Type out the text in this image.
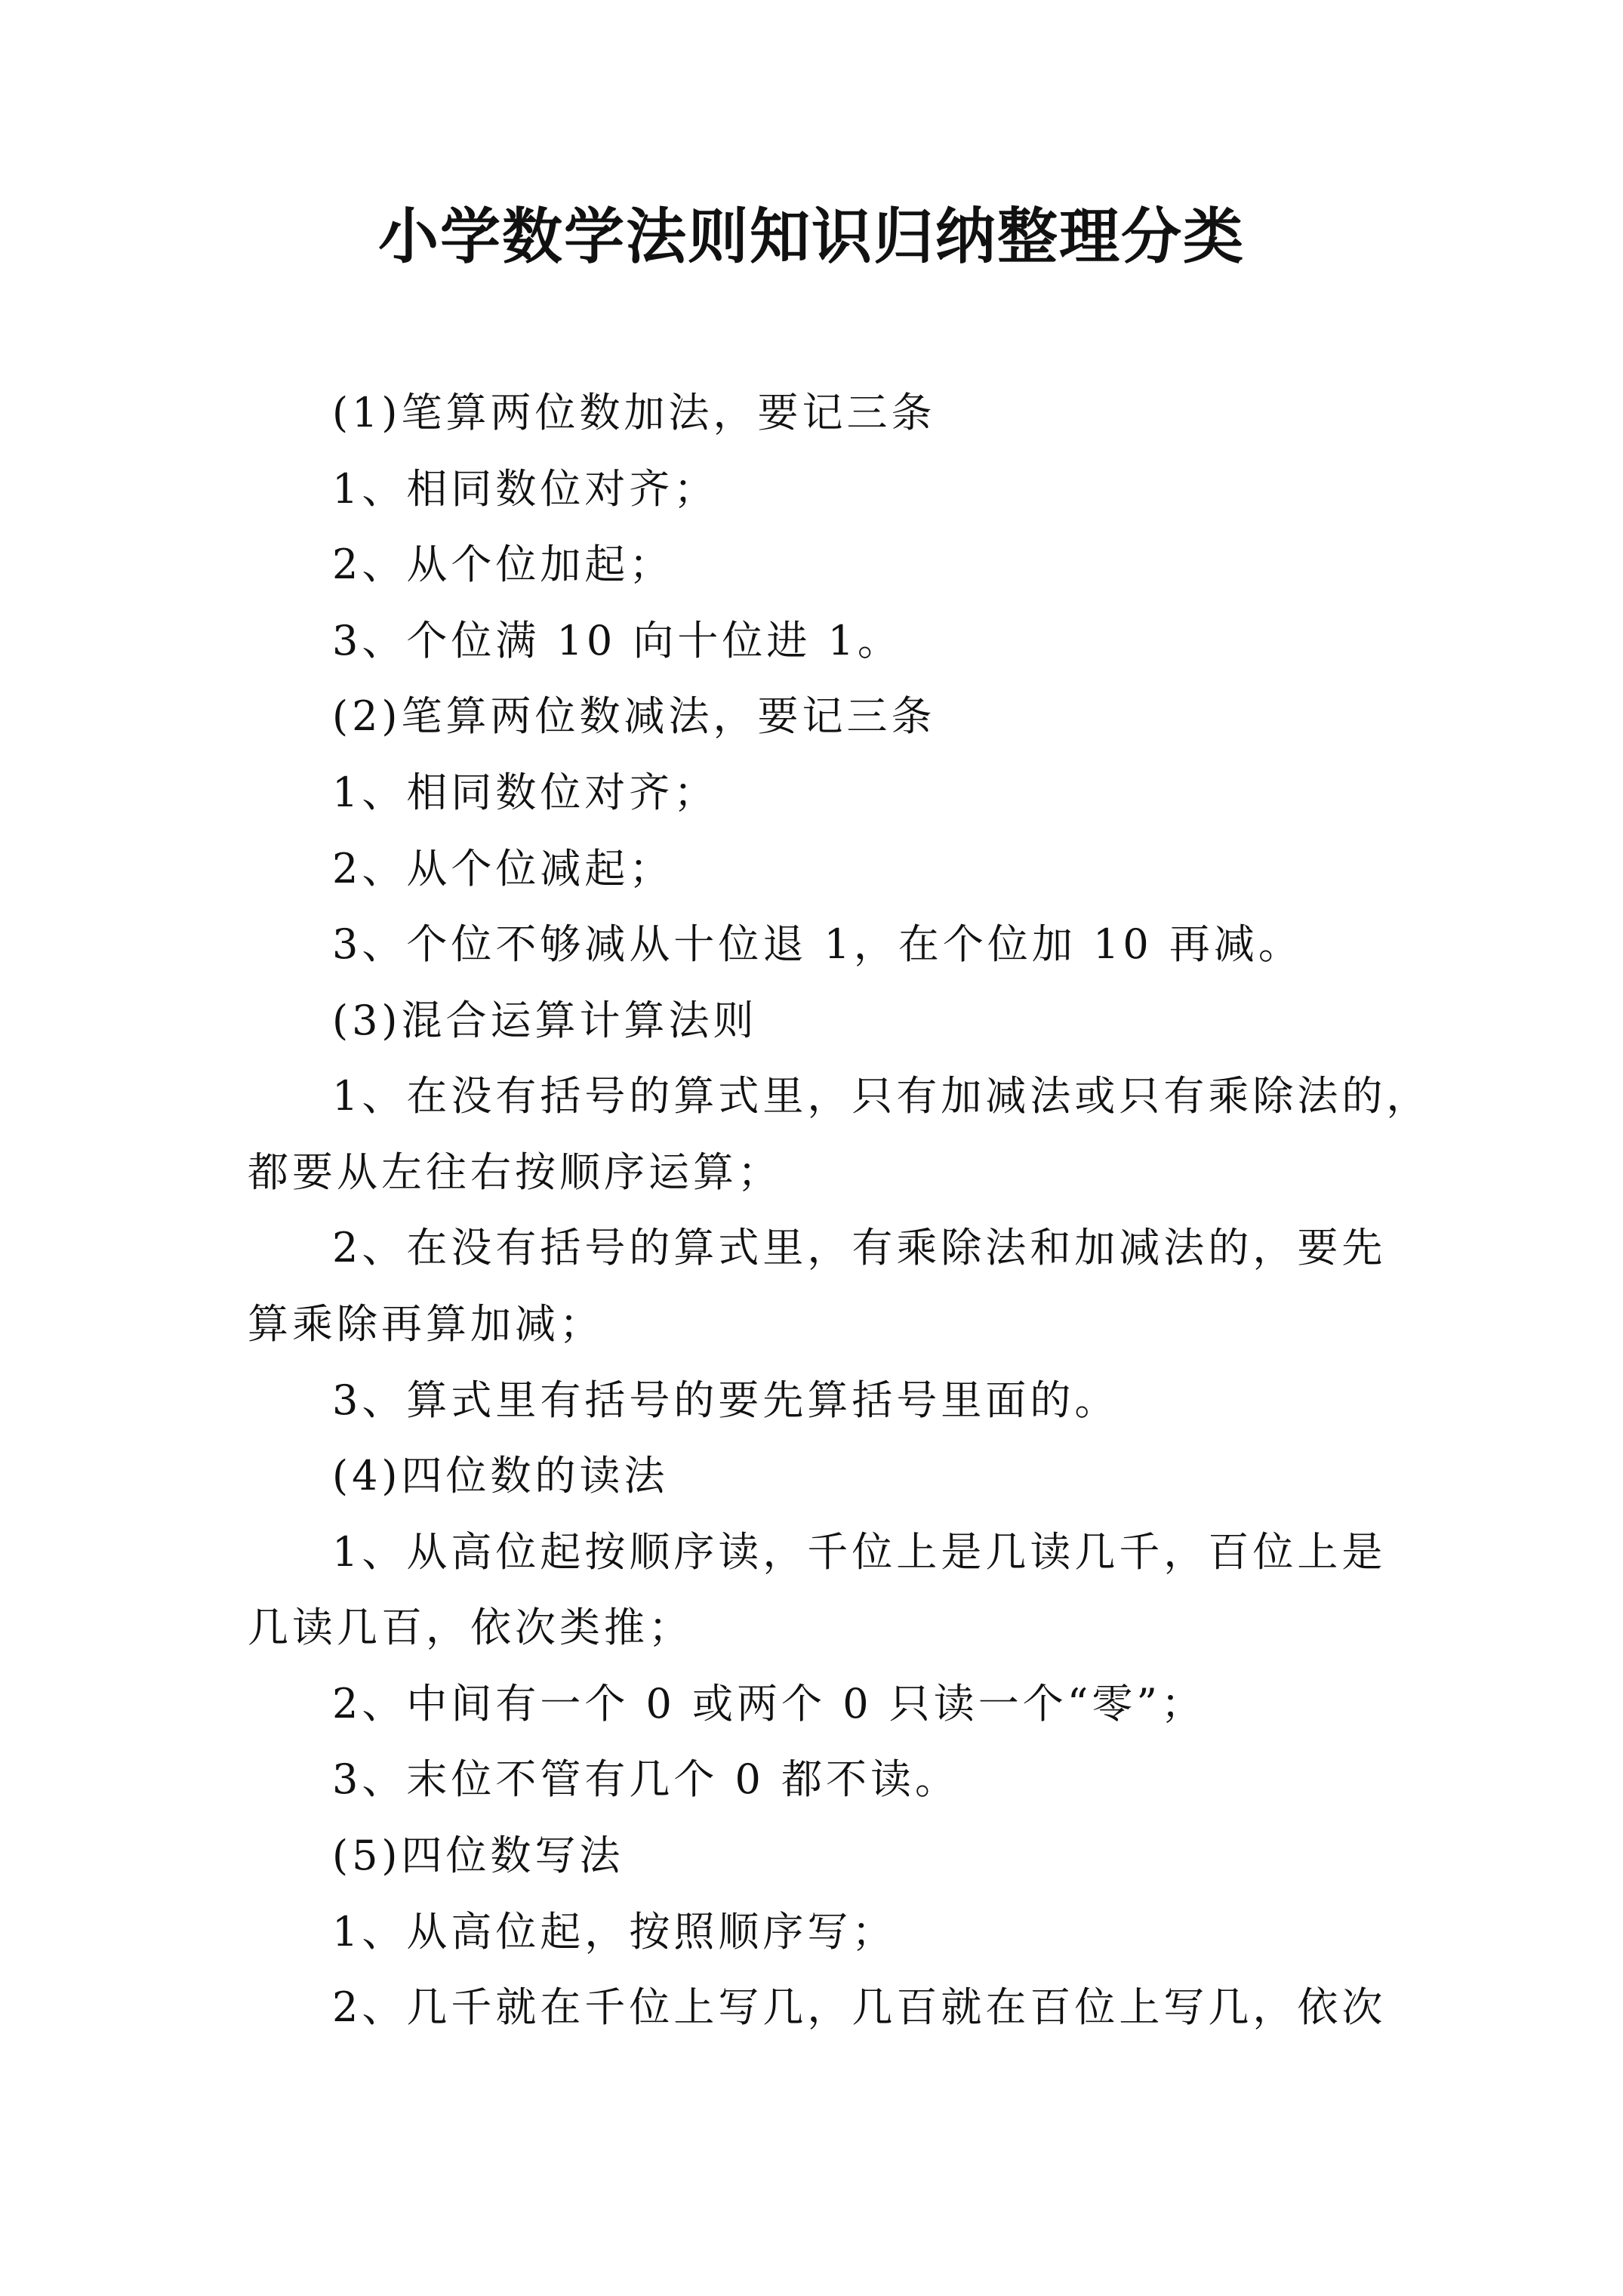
小学数学法则知识归纳整理分类
(1)笔算两位数加法，要记三条
1、相同数位对齐；
2、从个位加起；
3、个位满 10 向十位进 1。
(2)笔算两位数减法，要记三条
1、相同数位对齐；
2、从个位减起；
3、个位不够减从十位退 1，在个位加 10 再减。
(3)混合运算计算法则
1、在没有括号的算式里，只有加减法或只有乘除法的，
都要从左往右按顺序运算；
2、在没有括号的算式里，有乘除法和加减法的，要先
算乘除再算加减；
3、算式里有括号的要先算括号里面的。
(4)四位数的读法
1、从高位起按顺序读，千位上是几读几千，百位上是
几读几百，依次类推；
2、中间有一个 0 或两个 0 只读一个“零”；
3、末位不管有几个 0 都不读。
(5)四位数写法
1、从高位起，按照顺序写；
2、几千就在千位上写几，几百就在百位上写几，依次
